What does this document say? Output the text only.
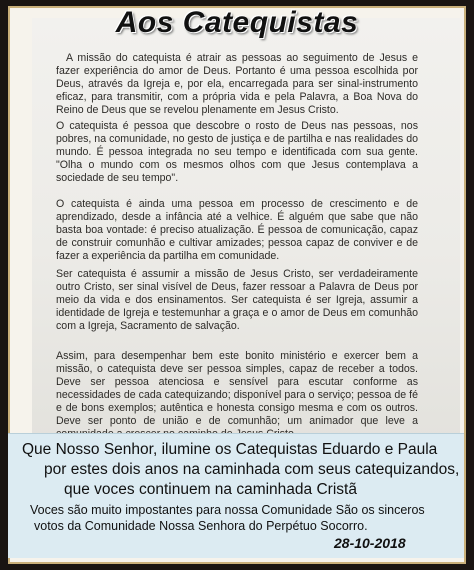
Aos Catequistas
A missão do catequista é atrair as pessoas ao seguimento de Jesus e fazer experiência do amor de Deus. Portanto é uma pessoa escolhida por Deus, através da Igreja e, por ela, encarregada para ser sinal-instrumento eficaz, para transmitir, com a própria vida e pela Palavra, a Boa Nova do Reino de Deus que se revelou plenamente em Jesus Cristo.
O catequista é pessoa que descobre o rosto de Deus nas pessoas, nos pobres, na comunidade, no gesto de justiça e de partilha e nas realidades do mundo. É pessoa integrada no seu tempo e identificada com sua gente. "Olha o mundo com os mesmos olhos com que Jesus contemplava a sociedade de seu tempo".
O catequista é ainda uma pessoa em processo de crescimento e de aprendizado, desde a infância até a velhice. É alguém que sabe que não basta boa vontade: é preciso atualização. É pessoa de comunicação, capaz de construir comunhão e cultivar amizades; pessoa capaz de conviver e de fazer a experiência da partilha em comunidade.
Ser catequista é assumir a missão de Jesus Cristo, ser verdadeiramente outro Cristo, ser sinal visível de Deus, fazer ressoar a Palavra de Deus por meio da vida e dos ensinamentos. Ser catequista é ser Igreja, assumir a identidade de Igreja e testemunhar a graça e o amor de Deus em comunhão com a Igreja, Sacramento de salvação.
Assim, para desempenhar bem este bonito ministério e exercer bem a missão, o catequista deve ser pessoa simples, capaz de receber a todos. Deve ser pessoa atenciosa e sensível para escutar conforme as necessidades de cada catequizando; disponível para o serviço; pessoa de fé e de bons exemplos; autêntica e honesta consigo mesma e com os outros. Deve ser ponto de união e de comunhão; um animador que leve a
Que Nosso Senhor, ilumine os Catequistas Eduardo e Paula
por estes dois anos na caminhada com seus catequizandos,
que voces continuem na caminhada Cristã
Voces são muito impostantes para nossa Comunidade São os sinceros
votos da Comunidade Nossa Senhora do Perpétuo Socorro.
28-10-2018
